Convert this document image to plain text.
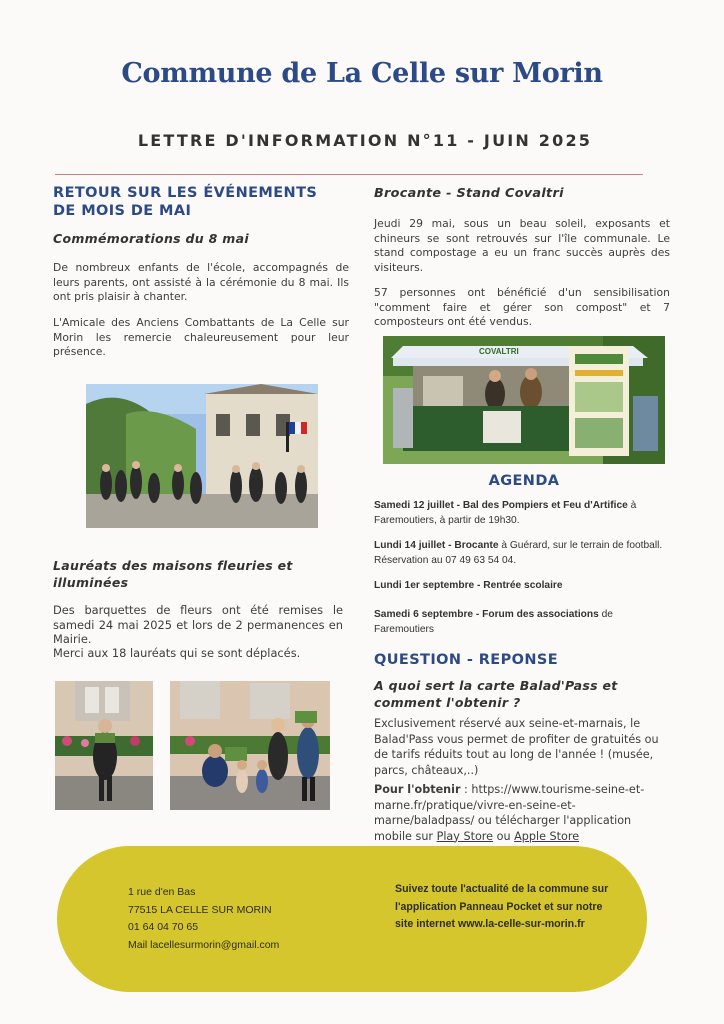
Commune de La Celle sur Morin
LETTRE D'INFORMATION N°11 - JUIN 2025
RETOUR SUR LES ÉVÉNEMENTS
DE MOIS DE MAI
Commémorations du 8 mai
De nombreux enfants de l'école, accompagnés de leurs parents, ont assisté à la cérémonie du 8 mai. Ils ont pris plaisir à chanter.
L'Amicale des Anciens Combattants de La Celle sur Morin les remercie chaleureusement pour leur présence.
Lauréats des maisons fleuries et
illuminées
Des barquettes de fleurs ont été remises le samedi 24 mai 2025 et lors de 2 permanences en Mairie.
Merci aux 18 lauréats qui se sont déplacés.
Brocante - Stand Covaltri
Jeudi 29 mai, sous un beau soleil, exposants et chineurs se sont retrouvés sur l'île communale. Le stand compostage a eu un franc succès auprès des visiteurs.
57 personnes ont bénéficié d'un sensibilisation "comment faire et gérer son compost" et 7 composteurs ont été vendus.
COVALTRI
AGENDA
Samedi 12 juillet - Bal des Pompiers et Feu d'Artifice à Faremoutiers, à partir de 19h30.
Lundi 14 juillet - Brocante à Guérard, sur le terrain de football. Réservation au 07 49 63 54 04.
Lundi 1er septembre - Rentrée scolaire
Samedi 6 septembre - Forum des associations de Faremoutiers
QUESTION - REPONSE
A quoi sert la carte Balad'Pass et
comment l'obtenir ?
Exclusivement réservé aux seine-et-marnais, le Balad'Pass vous permet de profiter de gratuités ou de tarifs réduits tout au long de l'année ! (musée, parcs, châteaux,..)
Pour l'obtenir : https://www.tourisme-seine-et-marne.fr/pratique/vivre-en-seine-et-marne/baladpass/ ou télécharger l'application mobile sur Play Store ou Apple Store
1 rue d'en Bas
77515 LA CELLE SUR MORIN
01 64 04 70 65
Mail lacellesurmorin@gmail.com
Suivez toute l'actualité de la commune sur
l'application Panneau Pocket et sur notre
site internet www.la-celle-sur-morin.fr
